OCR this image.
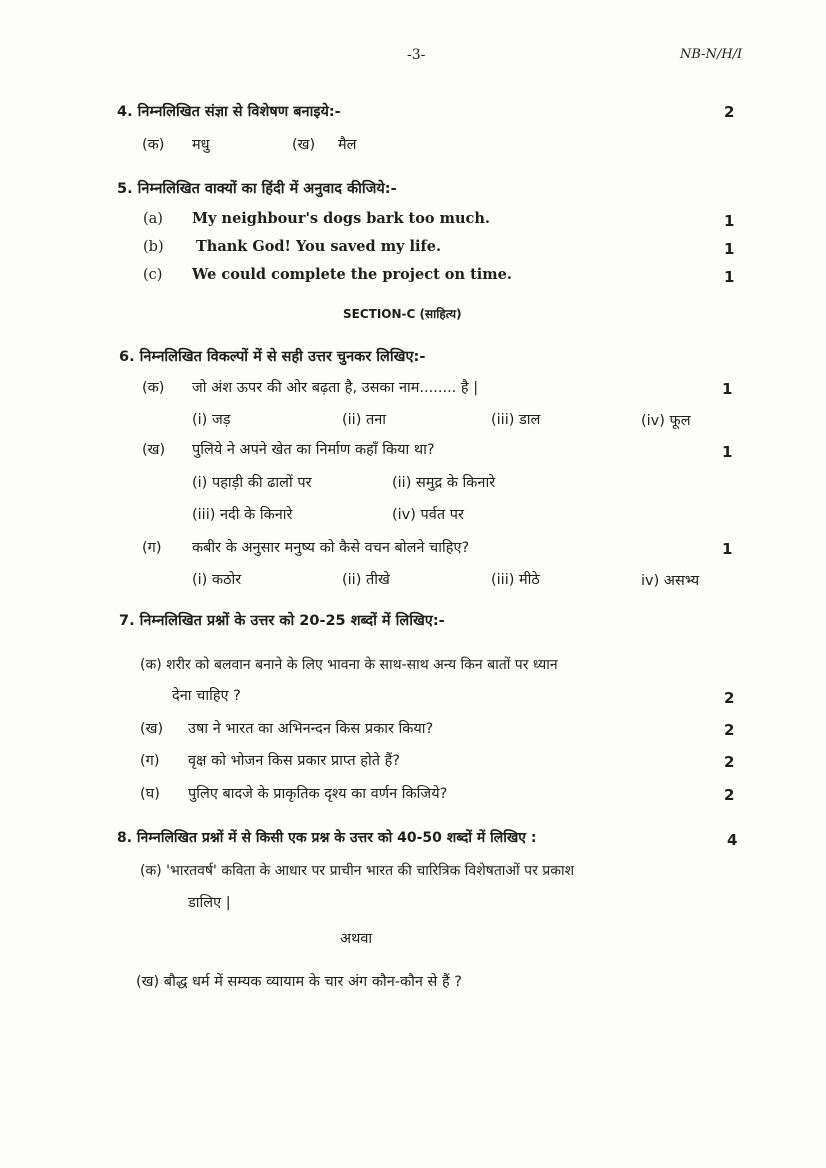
-3-	NB-N/H/I
4. निम्नलिखित संज्ञा से विशेषण बनाइये:-	2
(क) मधु	(ख) मैल
5. निम्नलिखित वाक्यों का हिंदी में अनुवाद कीजिये:-
(a) My neighbour's dogs bark too much.	1
(b) Thank God! You saved my life.	1
(c) We could complete the project on time.	1
SECTION-C (साहित्य)
6. निम्नलिखित विकल्पों में से सही उत्तर चुनकर लिखिए:-
(क) जो अंश ऊपर की ओर बढ़ता है, उसका नाम........ है |	1
(i) जड़	(ii) तना	(iii) डाल	(iv) फूल
(ख) पुलिये ने अपने खेत का निर्माण कहाँ किया था?	1
(i) पहाड़ी की ढालों पर	(ii) समुद्र के किनारे
(iii) नदी के किनारे	(iv) पर्वत पर
(ग) कबीर के अनुसार मनुष्य को कैसे वचन बोलने चाहिए?	1
(i) कठोर	(ii) तीखे	(iii) मीठे	iv) असभ्य
7. निम्नलिखित प्रश्नों के उत्तर को 20-25 शब्दों में लिखिए:-
(क) शरीर को बलवान बनाने के लिए भावना के साथ-साथ अन्य किन बातों पर ध्यान
देना चाहिए ?	2
(ख) उषा ने भारत का अभिनन्दन किस प्रकार किया?	2
(ग) वृक्ष को भोजन किस प्रकार प्राप्त होते हैं?	2
(घ) पुलिए बादजे के प्राकृतिक दृश्य का वर्णन किजिये?	2
8. निम्नलिखित प्रश्नों में से किसी एक प्रश्न के उत्तर को 40-50 शब्दों में लिखिए :	4
(क) 'भारतवर्ष' कविता के आधार पर प्राचीन भारत की चारित्रिक विशेषताओं पर प्रकाश
डालिए |
अथवा
(ख) बौद्ध धर्म में सम्यक व्यायाम के चार अंग कौन-कौन से हैं ?
